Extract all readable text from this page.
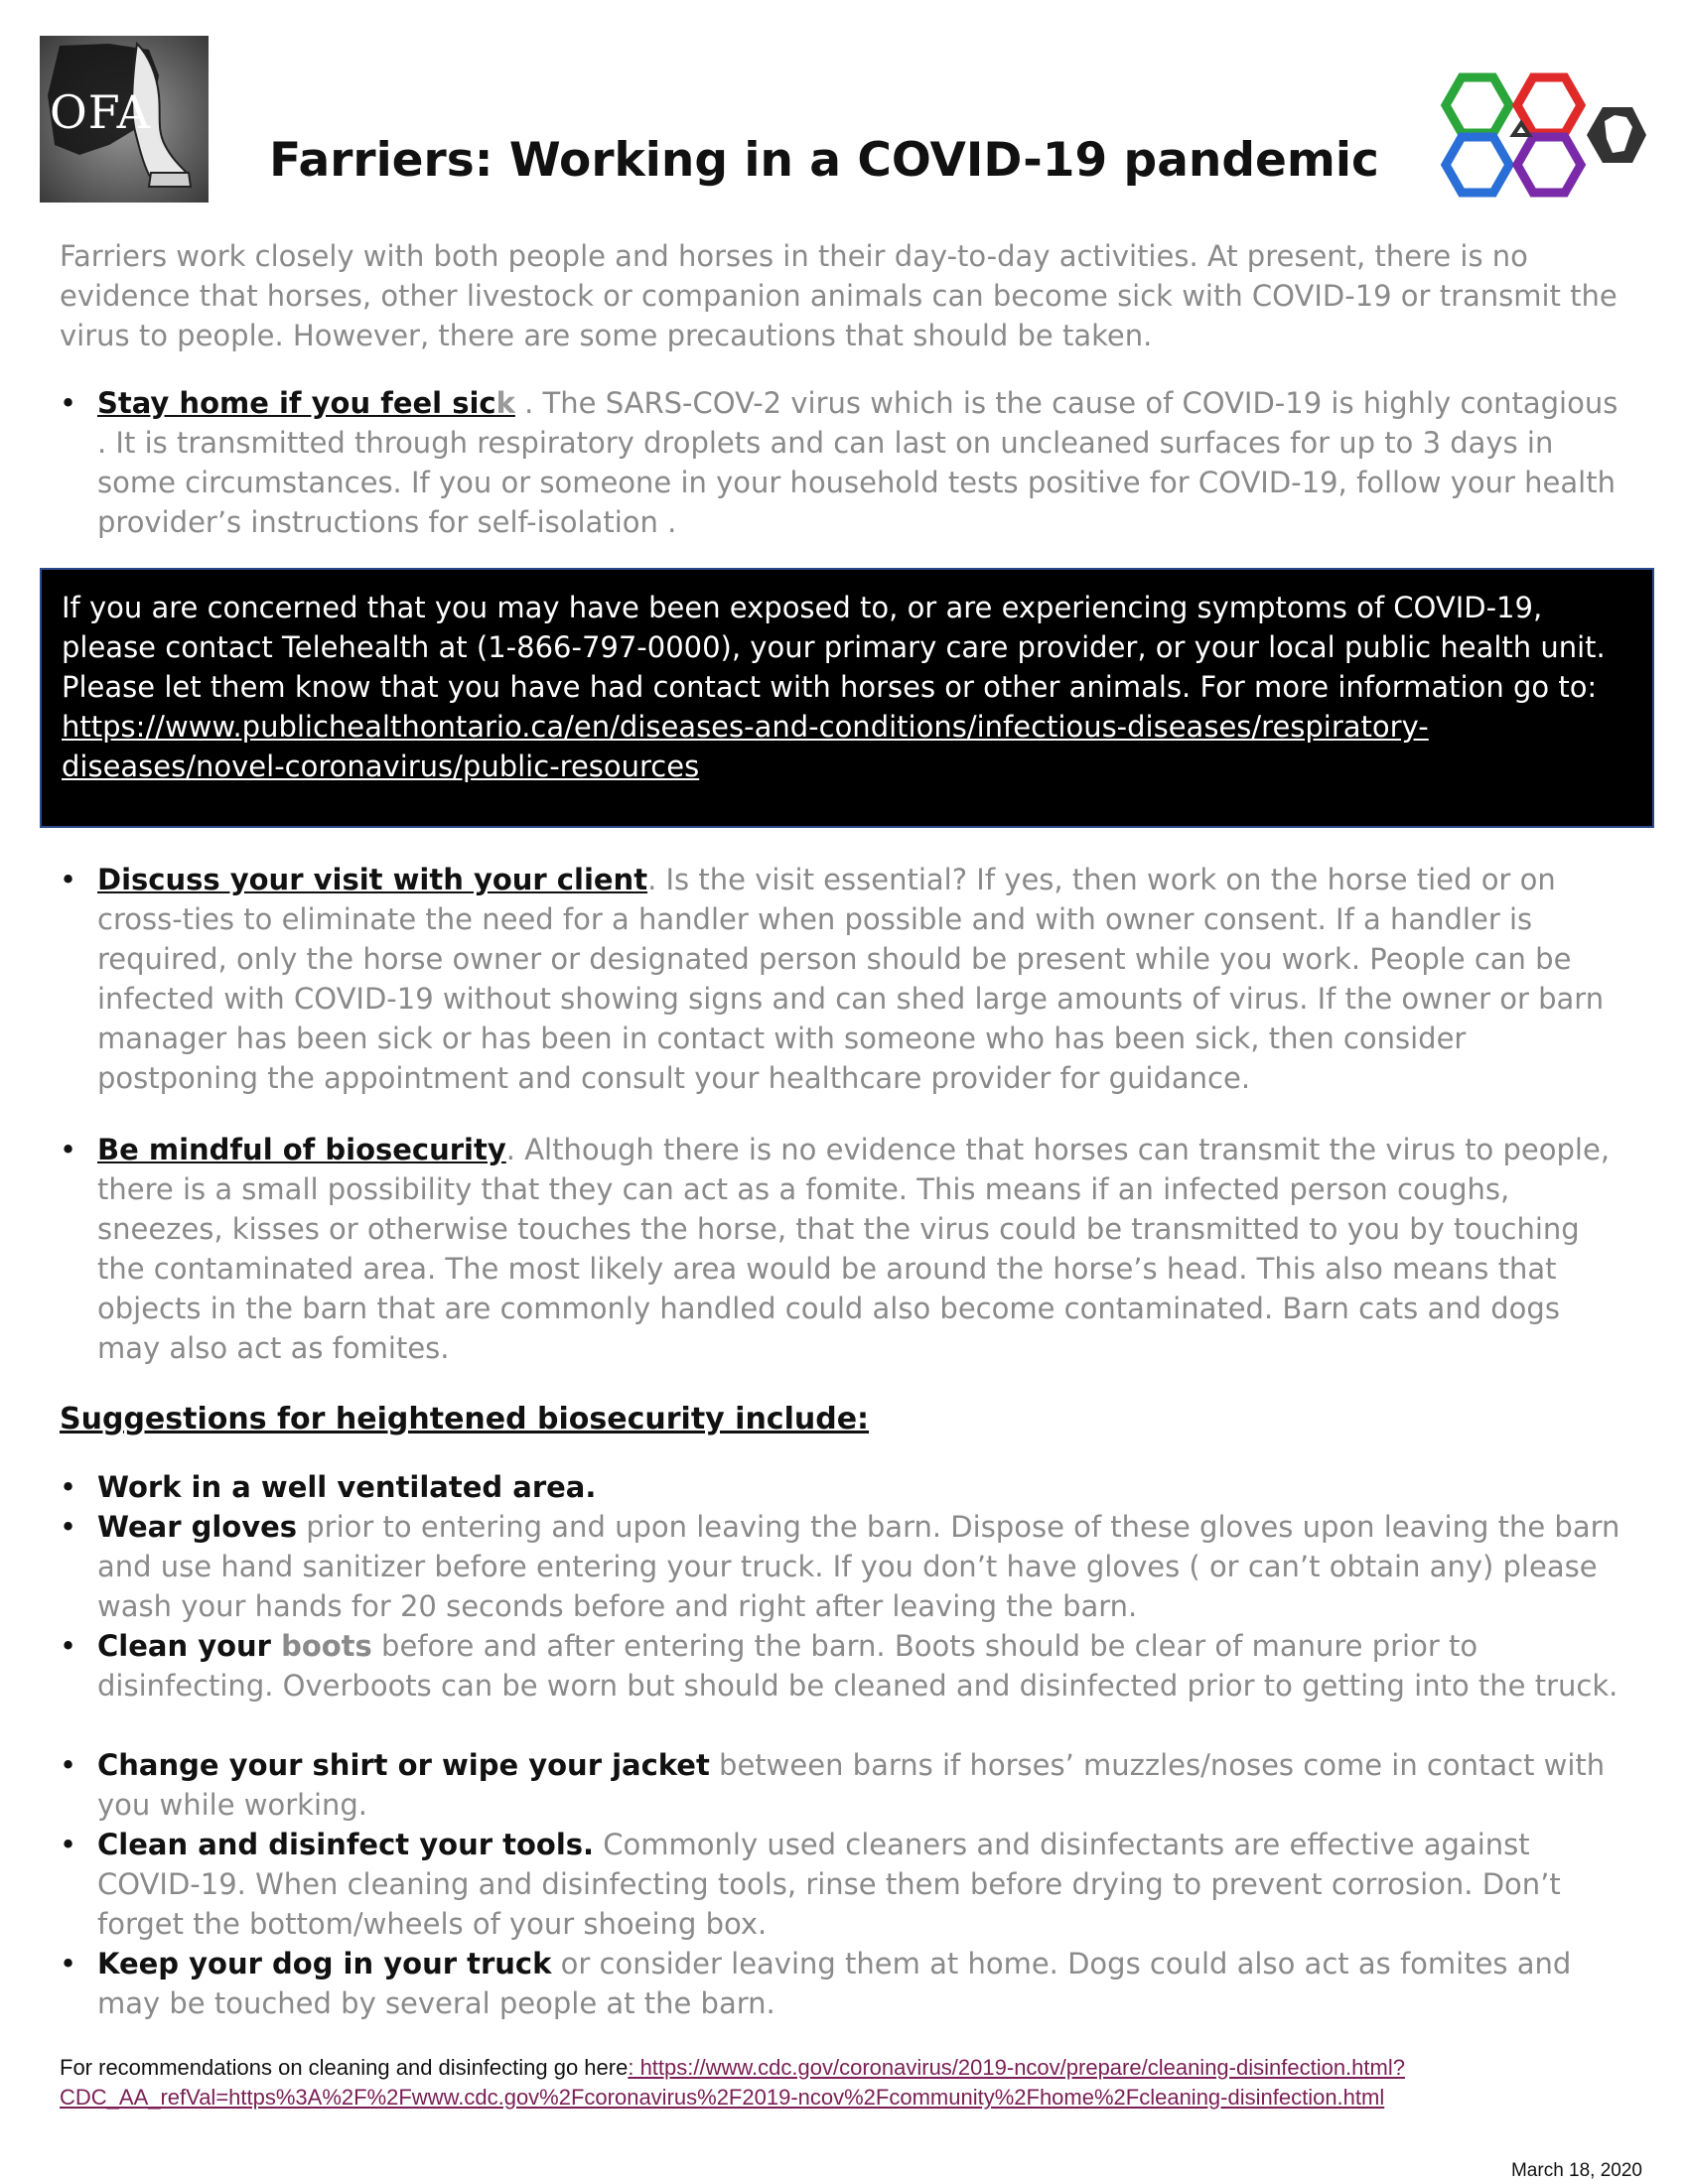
OFA
Farriers: Working in a COVID-19 pandemic
Farriers work closely with both people and horses in their day-to-day activities. At present, there is no evidence that horses, other livestock or companion animals can become sick with COVID-19 or transmit the virus to people. However, there are some precautions that should be taken.
• Stay home if you feel sick . The SARS-COV-2 virus which is the cause of COVID-19 is highly contagious . It is transmitted through respiratory droplets and can last on uncleaned surfaces for up to 3 days in some circumstances. If you or someone in your household tests positive for COVID-19, follow your health provider’s instructions for self-isolation .
If you are concerned that you may have been exposed to, or are experiencing symptoms of COVID-19, please contact Telehealth at (1-866-797-0000), your primary care provider, or your local public health unit. Please let them know that you have had contact with horses or other animals. For more information go to: https://www.publichealthontario.ca/en/diseases-and-conditions/infectious-diseases/respiratory-diseases/novel-coronavirus/public-resources
• Discuss your visit with your client. Is the visit essential? If yes, then work on the horse tied or on cross-ties to eliminate the need for a handler when possible and with owner consent. If a handler is required, only the horse owner or designated person should be present while you work. People can be infected with COVID-19 without showing signs and can shed large amounts of virus. If the owner or barn manager has been sick or has been in contact with someone who has been sick, then consider postponing the appointment and consult your healthcare provider for guidance.
• Be mindful of biosecurity. Although there is no evidence that horses can transmit the virus to people, there is a small possibility that they can act as a fomite. This means if an infected person coughs, sneezes, kisses or otherwise touches the horse, that the virus could be transmitted to you by touching the contaminated area. The most likely area would be around the horse’s head. This also means that objects in the barn that are commonly handled could also become contaminated. Barn cats and dogs may also act as fomites.
Suggestions for heightened biosecurity include:
• Work in a well ventilated area.
• Wear gloves prior to entering and upon leaving the barn. Dispose of these gloves upon leaving the barn and use hand sanitizer before entering your truck. If you don’t have gloves ( or can’t obtain any) please wash your hands for 20 seconds before and right after leaving the barn.
• Clean your boots before and after entering the barn. Boots should be clear of manure prior to disinfecting. Overboots can be worn but should be cleaned and disinfected prior to getting into the truck.
• Change your shirt or wipe your jacket between barns if horses’ muzzles/noses come in contact with you while working.
• Clean and disinfect your tools. Commonly used cleaners and disinfectants are effective against COVID-19. When cleaning and disinfecting tools, rinse them before drying to prevent corrosion. Don’t forget the bottom/wheels of your shoeing box.
• Keep your dog in your truck or consider leaving them at home. Dogs could also act as fomites and may be touched by several people at the barn.
For recommendations on cleaning and disinfecting go here: https://www.cdc.gov/coronavirus/2019-ncov/prepare/cleaning-disinfection.html?CDC_AA_refVal=https%3A%2F%2Fwww.cdc.gov%2Fcoronavirus%2F2019-ncov%2Fcommunity%2Fhome%2Fcleaning-disinfection.html
March 18, 2020
